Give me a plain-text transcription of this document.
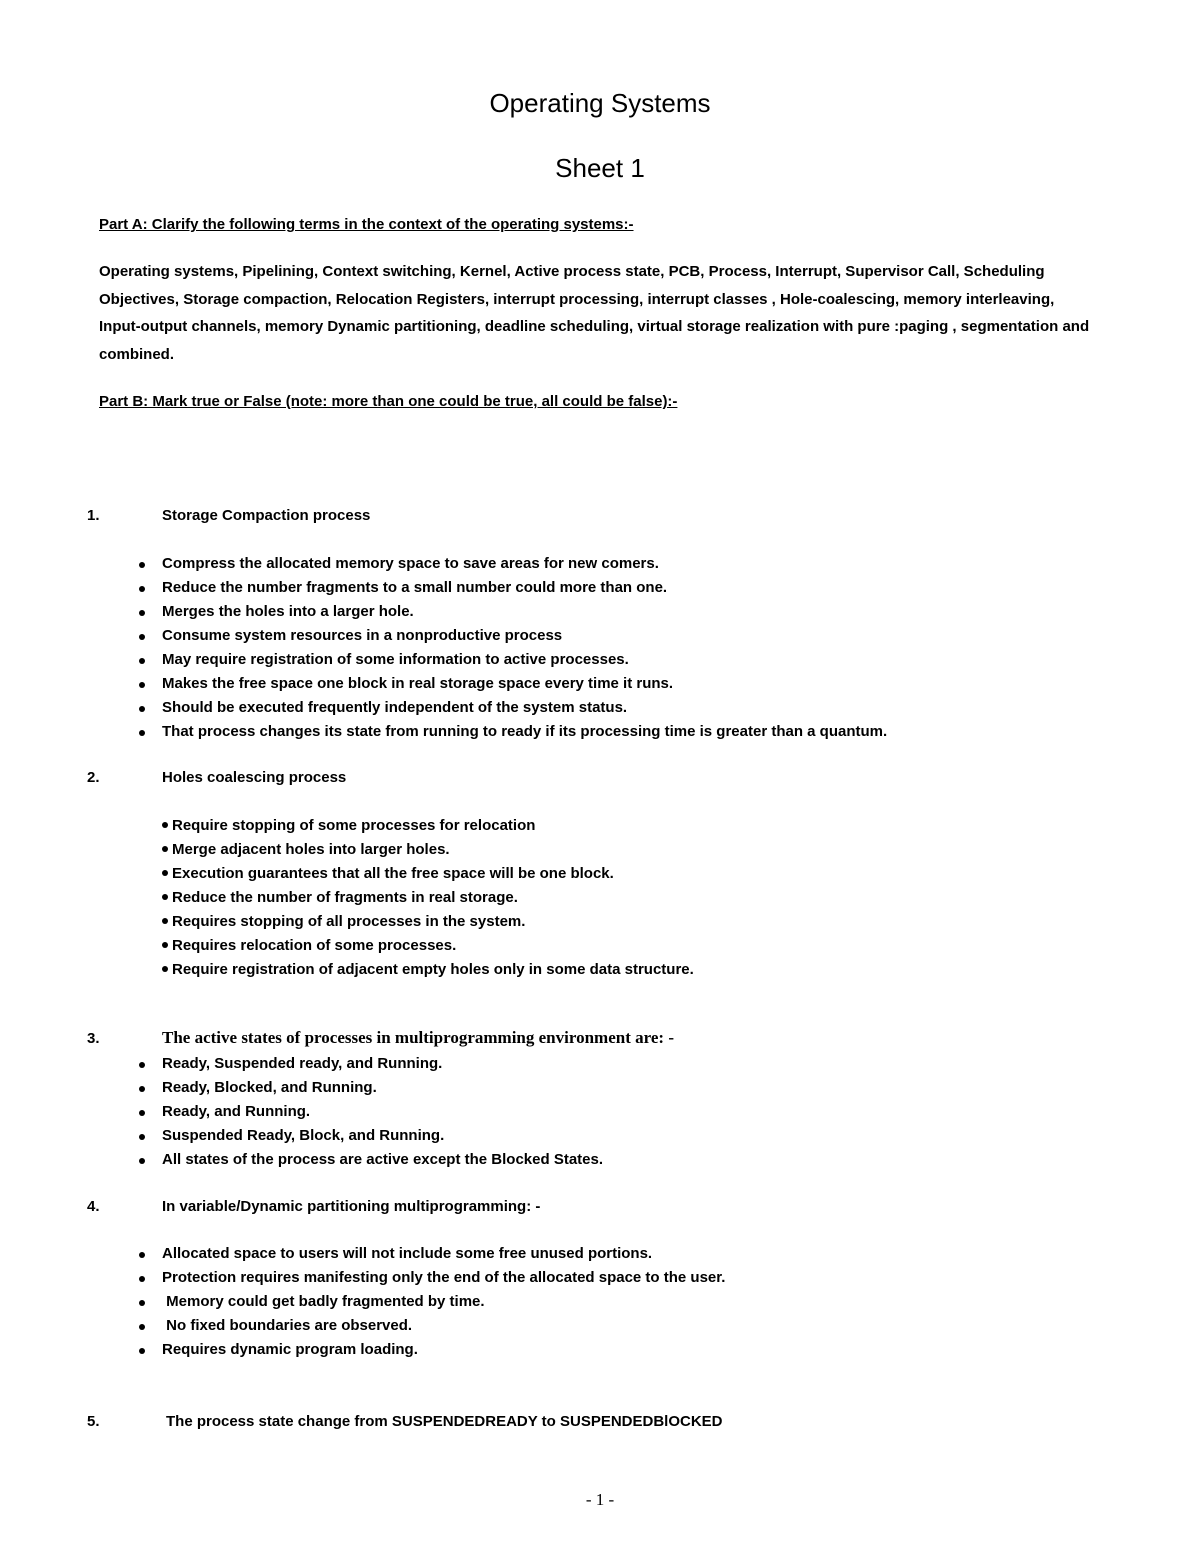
Operating Systems
Sheet 1
Part A: Clarify the following terms in the context of the operating systems:-
Operating systems, Pipelining, Context switching, Kernel, Active process state, PCB, Process, Interrupt, Supervisor Call, Scheduling Objectives, Storage compaction, Relocation Registers, interrupt processing, interrupt classes , Hole-coalescing, memory interleaving, Input-output channels, memory Dynamic partitioning, deadline scheduling, virtual storage realization with pure :paging , segmentation and combined.
Part B: Mark true or False (note: more than one could be true, all could be false):-
1.	Storage Compaction process
Compress the allocated memory space to save areas for new comers.
Reduce the number fragments to a small number could more than one.
Merges the holes into a larger hole.
Consume system resources in a nonproductive process
May require registration of some information to active processes.
Makes the free space one block in real storage space every time it runs.
Should be executed frequently independent of the system status.
That process changes its state from running to ready if its processing time is greater than a quantum.
2.	Holes coalescing process
Require stopping of some processes for relocation
Merge adjacent holes into larger holes.
Execution guarantees that all the free space will be one block.
Reduce the number of fragments in real storage.
Requires stopping of all processes in the system.
Requires relocation of some processes.
Require registration of adjacent empty holes only in some data structure.
3.	The active states of processes in multiprogramming environment are: -
Ready, Suspended ready, and Running.
Ready, Blocked, and Running.
Ready, and Running.
Suspended Ready, Block, and Running.
All states of the process are active except the Blocked States.
4.	In variable/Dynamic partitioning multiprogramming: -
Allocated space to users will not include some free unused portions.
Protection requires manifesting only the end of the allocated space to the user.
Memory could get badly fragmented by time.
No fixed boundaries are observed.
Requires dynamic program loading.
5.	The process state change from SUSPENDEDREADY to SUSPENDEDBlOCKED
- 1 -
